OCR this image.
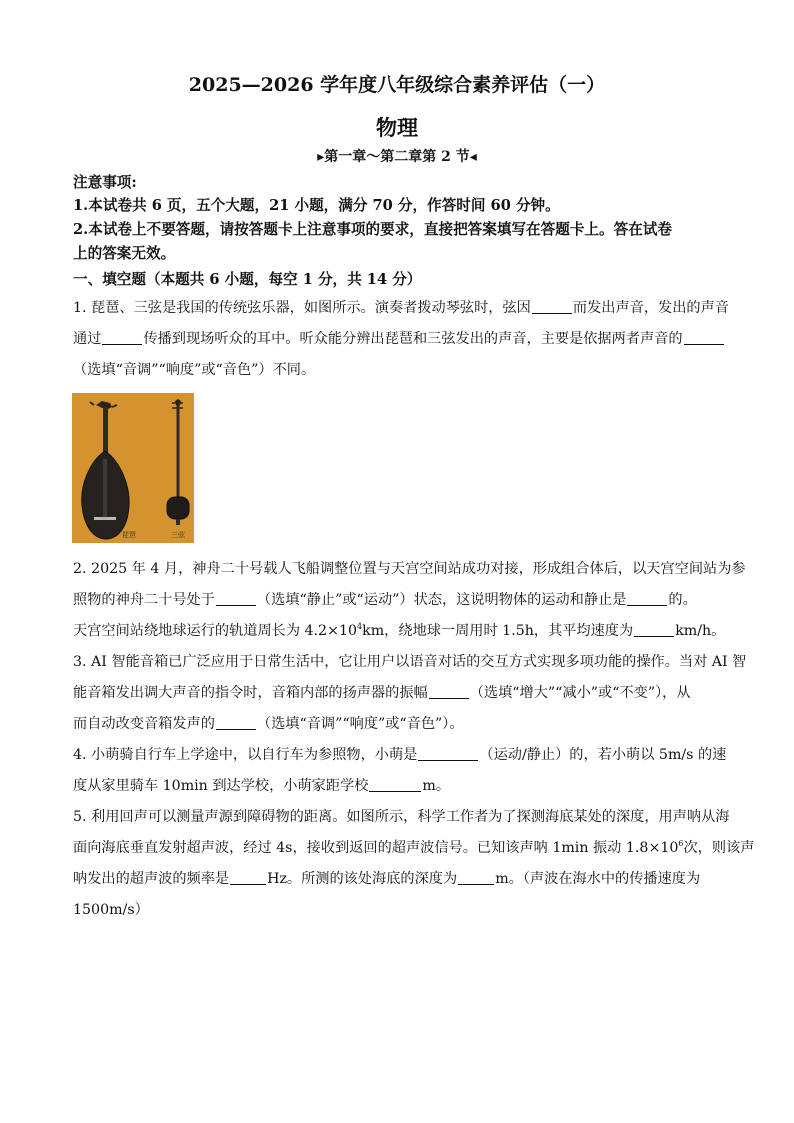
2025—2026 学年度八年级综合素养评估（一）
物理
▸第一章～第二章第 2 节◂
注意事项:
1.本试卷共 6 页，五个大题，21 小题，满分 70 分，作答时间 60 分钟。
2.本试卷上不要答题，请按答题卡上注意事项的要求，直接把答案填写在答题卡上。答在试卷
上的答案无效。
一、填空题（本题共 6 小题，每空 1 分，共 14 分）
1. 琵琶、三弦是我国的传统弦乐器，如图所示。演奏者拨动琴弦时，弦因	而发出声音，发出的声音
通过	传播到现场听众的耳中。听众能分辨出琵琶和三弦发出的声音，主要是依据两者声音的
（选填“音调”“响度”或“音色”）不同。
琵琶	三弦
2. 2025 年 4 月，神舟二十号载人飞船调整位置与天宫空间站成功对接，形成组合体后，以天宫空间站为参
照物的神舟二十号处于	（选填“静止”或“运动”）状态，这说明物体的运动和静止是	的。
天宫空间站绕地球运行的轨道周长为 $4.2\times 10^4km$，绕地球一周用时 1.5h，其平均速度为	km/h。
3. AI 智能音箱已广泛应用于日常生活中，它让用户以语音对话的交互方式实现多项功能的操作。当对 AI 智
能音箱发出调大声音的指令时，音箱内部的扬声器的振幅	（选填“增大”“减小”或“不变”），从
而自动改变音箱发声的	（选填“音调”“响度”或“音色”）。
4. 小萌骑自行车上学途中，以自行车为参照物，小萌是	（运动/静止）的，若小萌以 5m/s 的速
度从家里骑车 10min 到达学校，小萌家距学校	m。
5. 利用回声可以测量声源到障碍物的距离。如图所示，科学工作者为了探测海底某处的深度，用声呐从海
面向海底垂直发射超声波，经过 4s，接收到返回的超声波信号。已知该声呐 1min 振动 $1.8\times 10^6$次，则该声
呐发出的超声波的频率是	Hz。所测的该处海底的深度为	m。（声波在海水中的传播速度为
1500m/s）
